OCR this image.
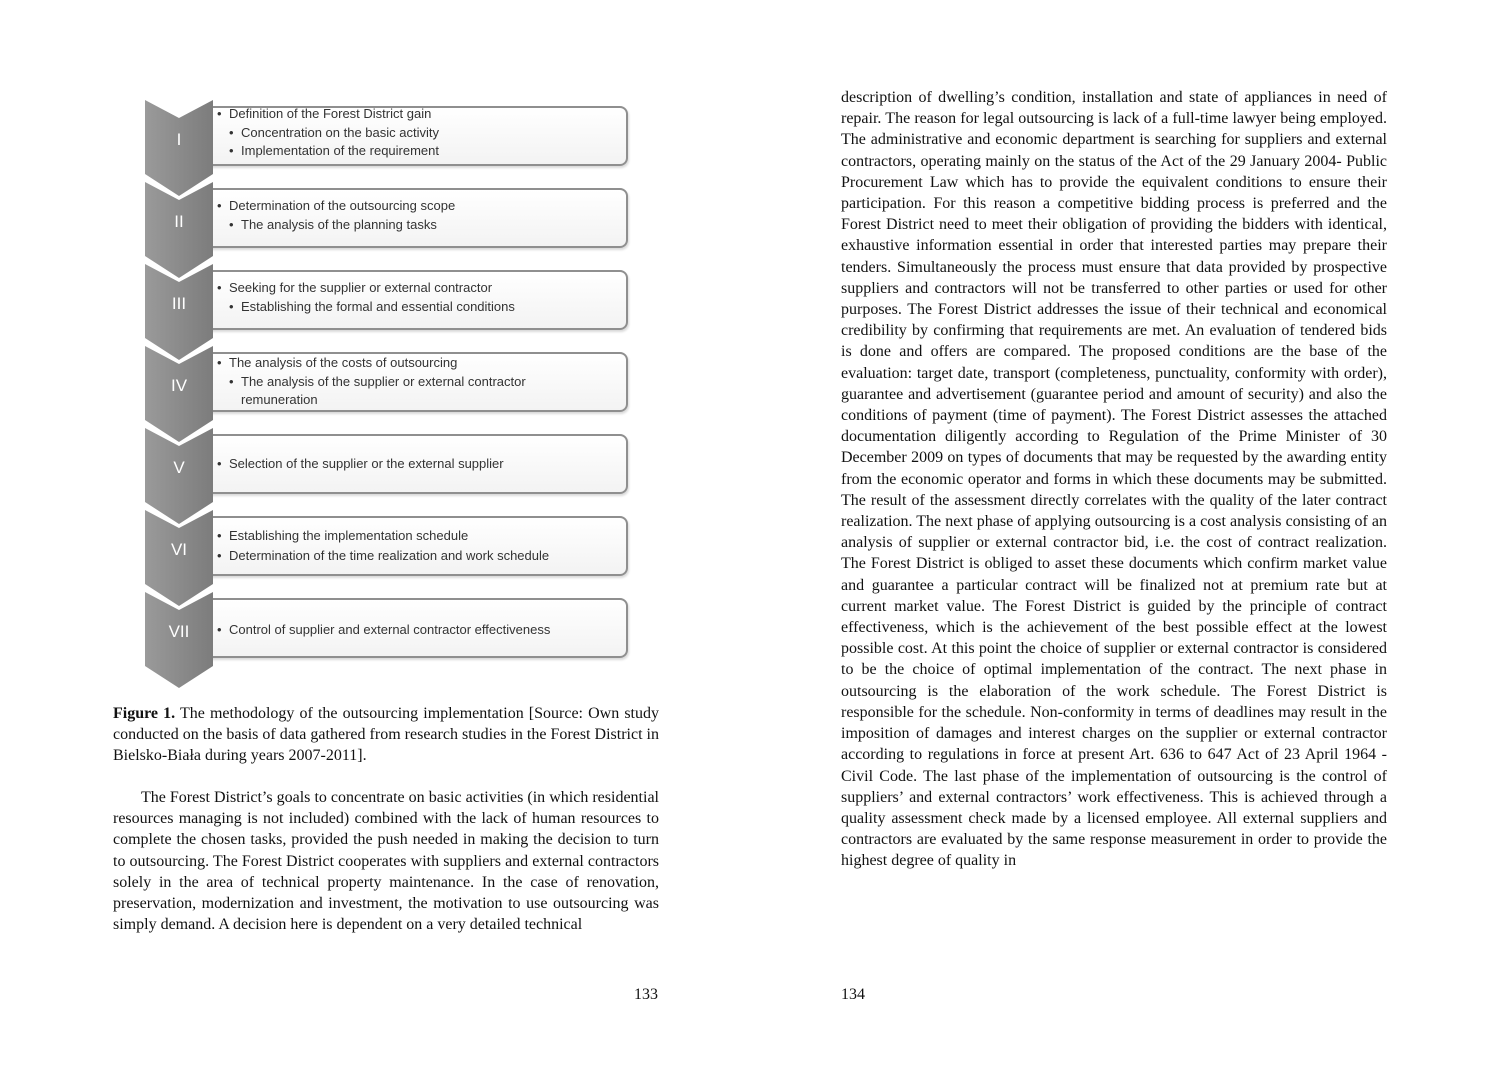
I
• Definition of the Forest District gain
• Concentration on the basic activity
• Implementation of the requirement
II
• Determination of the outsourcing scope
• The analysis of the planning tasks
III
• Seeking for the supplier or external contractor
• Establishing the formal and essential conditions
IV
• The analysis of the costs of outsourcing
• The analysis of the supplier or external contractor remuneration
V	• Selection of the supplier or the external supplier
VI
• Establishing the implementation schedule
• Determination of the time realization and work schedule
VII	• Control of supplier and external contractor effectiveness
Figure 1. The methodology of the outsourcing implementation [Source: Own study conducted on the basis of data gathered from research studies in the Forest District in Bielsko-Biała during years 2007-2011].
The Forest District’s goals to concentrate on basic activities (in which residential resources managing is not included) combined with the lack of human resources to complete the chosen tasks, provided the push needed in making the decision to turn to outsourcing. The Forest District cooperates with suppliers and external contractors solely in the area of technical property maintenance. In the case of renovation, preservation, modernization and investment, the motivation to use outsourcing was simply demand. A decision here is dependent on a very detailed technical
133
description of dwelling’s condition, installation and state of appliances in need of repair. The reason for legal outsourcing is lack of a full-time lawyer being employed. The administrative and economic department is searching for suppliers and external contractors, operating mainly on the status of the Act of the 29 January 2004- Public Procurement Law which has to provide the equivalent conditions to ensure their participation. For this reason a competitive bidding process is preferred and the Forest District need to meet their obligation of providing the bidders with identical, exhaustive information essential in order that interested parties may prepare their tenders. Simultaneously the process must ensure that data provided by prospective suppliers and contractors will not be transferred to other parties or used for other purposes. The Forest District addresses the issue of their technical and economical credibility by confirming that requirements are met. An evaluation of tendered bids is done and offers are compared. The proposed conditions are the base of the evaluation: target date, transport (completeness, punctuality, conformity with order), guarantee and advertisement (guarantee period and amount of security) and also the conditions of payment (time of payment). The Forest District assesses the attached documentation diligently according to Regulation of the Prime Minister of 30 December 2009 on types of documents that may be requested by the awarding entity from the economic operator and forms in which these documents may be submitted. The result of the assessment directly correlates with the quality of the later contract realization. The next phase of applying outsourcing is a cost analysis consisting of an analysis of supplier or external contractor bid, i.e. the cost of contract realization. The Forest District is obliged to asset these documents which confirm market value and guarantee a particular contract will be finalized not at premium rate but at current market value. The Forest District is guided by the principle of contract effectiveness, which is the achievement of the best possible effect at the lowest possible cost. At this point the choice of supplier or external contractor is considered to be the choice of optimal implementation of the contract. The next phase in outsourcing is the elaboration of the work schedule. The Forest District is responsible for the schedule. Non-conformity in terms of deadlines may result in the imposition of damages and interest charges on the supplier or external contractor according to regulations in force at present Art. 636 to 647 Act of 23 April 1964 - Civil Code. The last phase of the implementation of outsourcing is the control of suppliers’ and external contractors’ work effectiveness. This is achieved through a quality assessment check made by a licensed employee. All external suppliers and contractors are evaluated by the same response measurement in order to provide the highest degree of quality in
134
